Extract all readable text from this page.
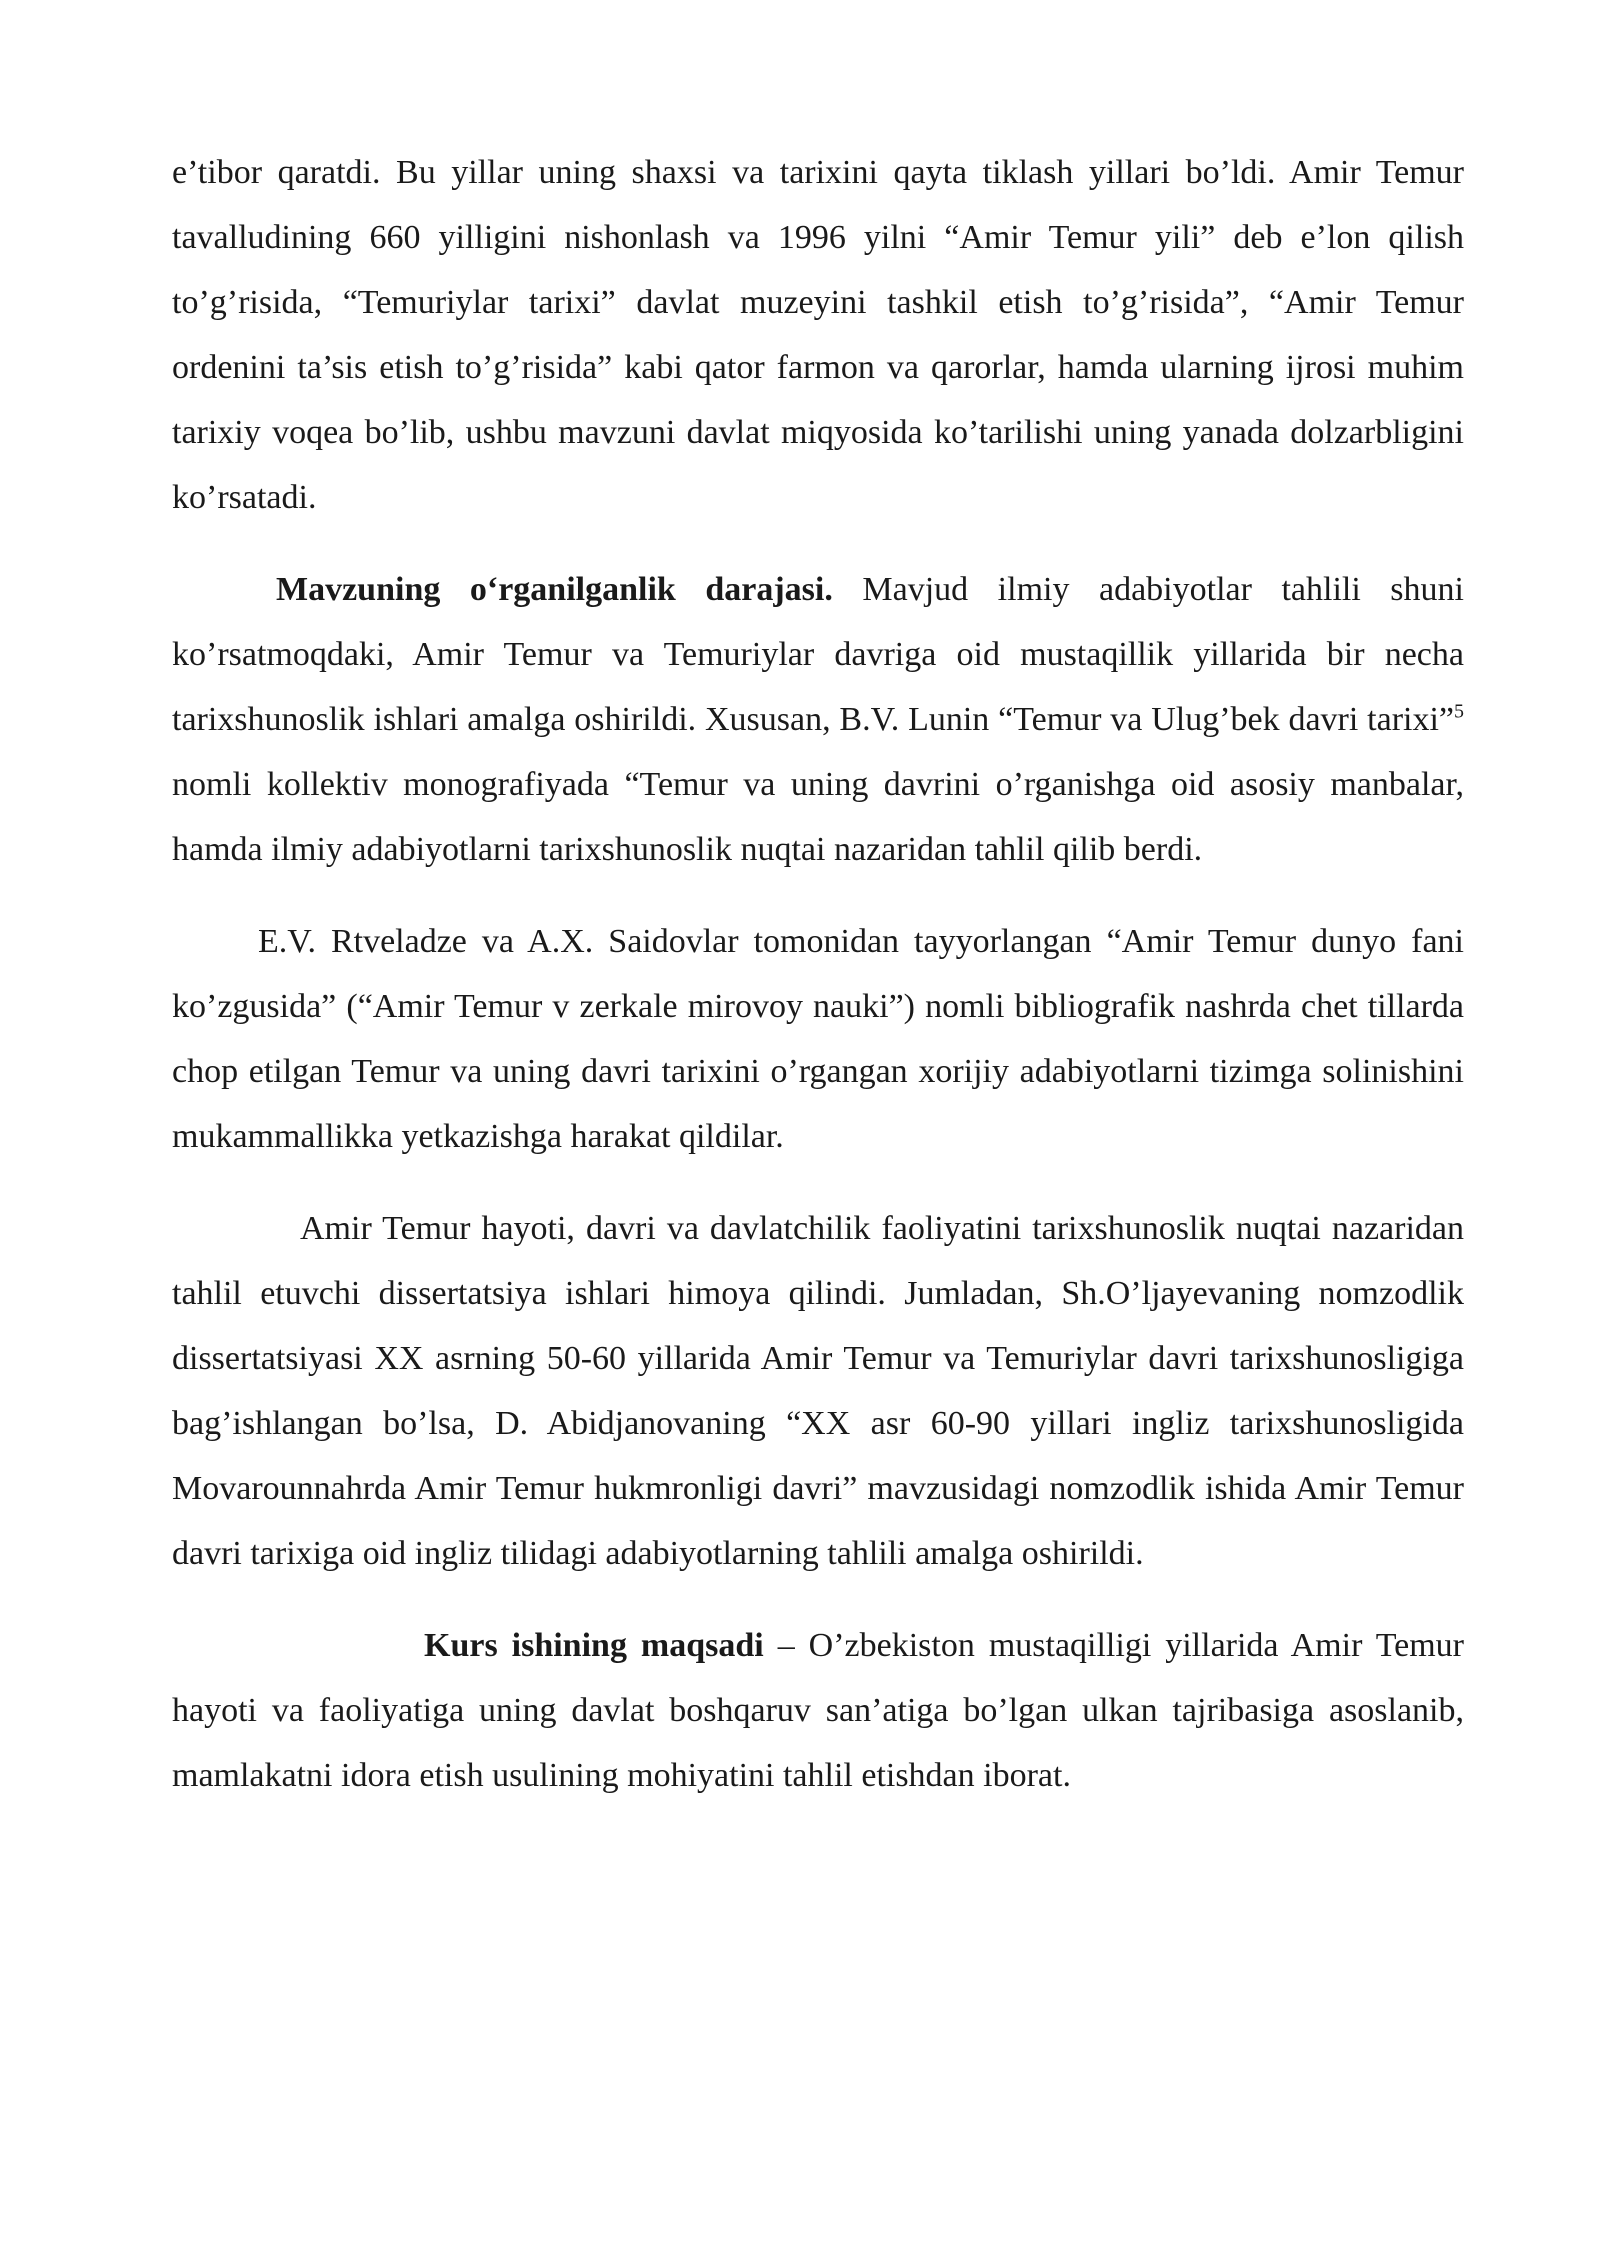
e’tibor qaratdi. Bu yillar uning shaxsi va tarixini qayta tiklash yillari bo’ldi. Amir Temur tavalludining 660 yilligini nishonlash va 1996 yilni “Amir Temur yili” deb e’lon qilish to’g’risida, “Temuriylar tarixi” davlat muzeyini tashkil etish to’g’risida”, “Amir Temur ordenini ta’sis etish to’g’risida” kabi qator farmon va qarorlar, hamda ularning ijrosi muhim tarixiy voqea bo’lib, ushbu mavzuni davlat miqyosida ko’tarilishi uning yanada dolzarbligini ko’rsatadi.

Mavzuning o‘rganilganlik darajasi. Mavjud ilmiy adabiyotlar tahlili shuni ko’rsatmoqdaki, Amir Temur va Temuriylar davriga oid mustaqillik yillarida bir necha tarixshunoslik ishlari amalga oshirildi. Xususan, B.V. Lunin “Temur va Ulug’bek davri tarixi”$^5$ nomli kollektiv monografiyada “Temur va uning davrini o’rganishga oid asosiy manbalar, hamda ilmiy adabiyotlarni tarixshunoslik nuqtai nazaridan tahlil qilib berdi.

E.V. Rtveladze va A.X. Saidovlar tomonidan tayyorlangan “Amir Temur dunyo fani ko’zgusida” (“Amir Temur v zerkale mirovoy nauki”) nomli bibliografik nashrda chet tillarda chop etilgan Temur va uning davri tarixini o’rgangan xorijiy adabiyotlarni tizimga solinishini mukammallikka yetkazishga harakat qildilar.

Amir Temur hayoti, davri va davlatchilik faoliyatini tarixshunoslik nuqtai nazaridan tahlil etuvchi dissertatsiya ishlari himoya qilindi. Jumladan, Sh.O’ljayevaning nomzodlik dissertatsiyasi XX asrning 50-60 yillarida Amir Temur va Temuriylar davri tarixshunosligiga bag’ishlangan bo’lsa, D. Abidjanovaning “XX asr 60-90 yillari ingliz tarixshunosligida Movarounnahrda Amir Temur hukmronligi davri” mavzusidagi nomzodlik ishida Amir Temur davri tarixiga oid ingliz tilidagi adabiyotlarning tahlili amalga oshirildi.

Kurs ishining maqsadi – O’zbekiston mustaqilligi yillarida Amir Temur hayoti va faoliyatiga uning davlat boshqaruv san’atiga bo’lgan ulkan tajribasiga asoslanib, mamlakatni idora etish usulining mohiyatini tahlil etishdan iborat.
